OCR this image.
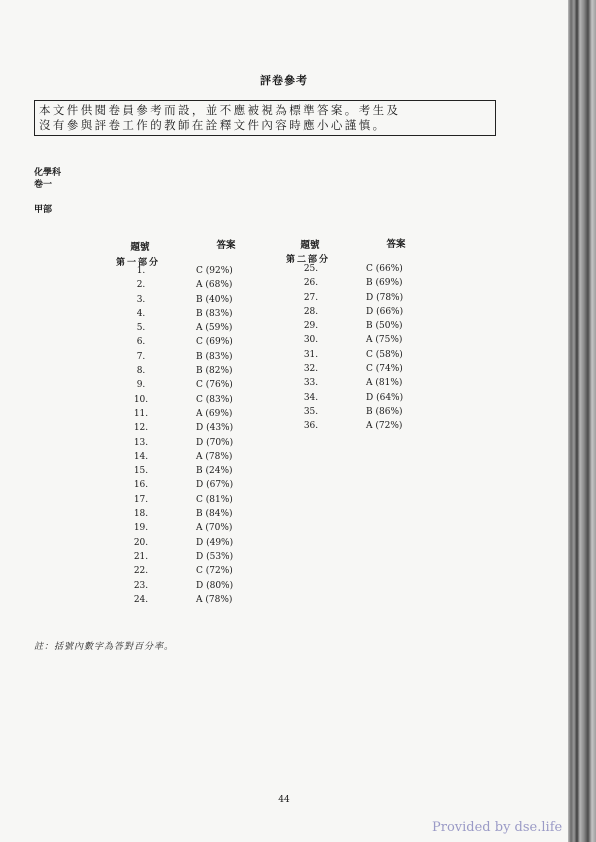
評卷參考
本文件供閱卷員參考而設，並不應被視為標準答案。考生及
沒有參與評卷工作的教師在詮釋文件內容時應小心謹慎。
化學科
卷一
甲部
題號	答案	題號	答案
第一部分	第二部分
1.	C (92%)
2.	A (68%)
3.	B (40%)
4.	B (83%)
5.	A (59%)
6.	C (69%)
7.	B (83%)
8.	B (82%)
9.	C (76%)
10.	C (83%)
11.	A (69%)
12.	D (43%)
13.	D (70%)
14.	A (78%)
15.	B (24%)
16.	D (67%)
17.	C (81%)
18.	B (84%)
19.	A (70%)
20.	D (49%)
21.	D (53%)
22.	C (72%)
23.	D (80%)
24.	A (78%)
25.	C (66%)
26.	B (69%)
27.	D (78%)
28.	D (66%)
29.	B (50%)
30.	A (75%)
31.	C (58%)
32.	C (74%)
33.	A (81%)
34.	D (64%)
35.	B (86%)
36.	A (72%)
註：括號內數字為答對百分率。
44
Provided by dse.life
